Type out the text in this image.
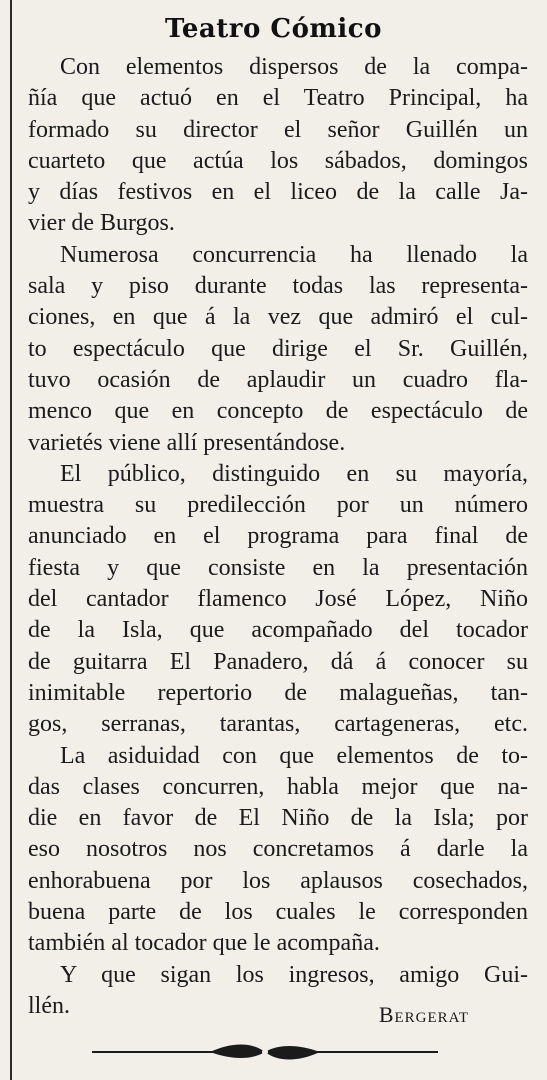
Teatro Cómico
Con elementos dispersos de la compa-
ñía que actuó en el Teatro Principal, ha
formado su director el señor Guillén un
cuarteto que actúa los sábados, domingos
y días festivos en el liceo de la calle Ja-
vier de Burgos.
Numerosa concurrencia ha llenado la
sala y piso durante todas las representa-
ciones, en que á la vez que admiró el cul-
to espectáculo que dirige el Sr. Guillén,
tuvo ocasión de aplaudir un cuadro fla-
menco que en concepto de espectáculo de
varietés viene allí presentándose.
El público, distinguido en su mayoría,
muestra su predilección por un número
anunciado en el programa para final de
fiesta y que consiste en la presentación
del cantador flamenco José López, Niño
de la Isla, que acompañado del tocador
de guitarra El Panadero, dá á conocer su
inimitable repertorio de malagueñas, tan-
gos, serranas, tarantas, cartageneras, etc.
La asiduidad con que elementos de to-
das clases concurren, habla mejor que na-
die en favor de El Niño de la Isla; por
eso nosotros nos concretamos á darle la
enhorabuena por los aplausos cosechados,
buena parte de los cuales le corresponden
también al tocador que le acompaña.
Y que sigan los ingresos, amigo Gui-
llén.	Bergerat
